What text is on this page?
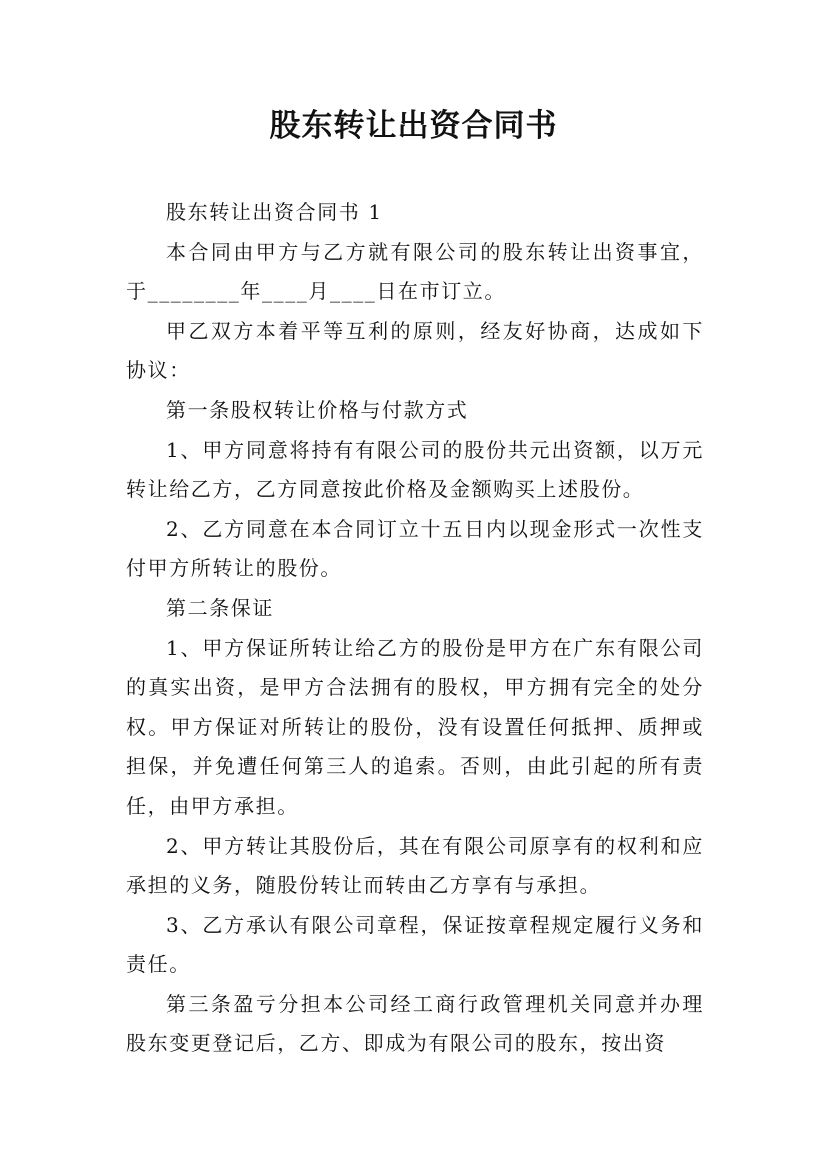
股东转让出资合同书

股东转让出资合同书 1

本合同由甲方与乙方就有限公司的股东转让出资事宜，于________年____月____日在市订立。

甲乙双方本着平等互利的原则，经友好协商，达成如下协议：

第一条股权转让价格与付款方式

1、甲方同意将持有有限公司的股份共元出资额，以万元转让给乙方，乙方同意按此价格及金额购买上述股份。

2、乙方同意在本合同订立十五日内以现金形式一次性支付甲方所转让的股份。

第二条保证

1、甲方保证所转让给乙方的股份是甲方在广东有限公司的真实出资，是甲方合法拥有的股权，甲方拥有完全的处分权。甲方保证对所转让的股份，没有设置任何抵押、质押或担保，并免遭任何第三人的追索。否则，由此引起的所有责任，由甲方承担。

2、甲方转让其股份后，其在有限公司原享有的权利和应承担的义务，随股份转让而转由乙方享有与承担。

3、乙方承认有限公司章程，保证按章程规定履行义务和责任。

第三条盈亏分担本公司经工商行政管理机关同意并办理股东变更登记后，乙方、即成为有限公司的股东，按出资
